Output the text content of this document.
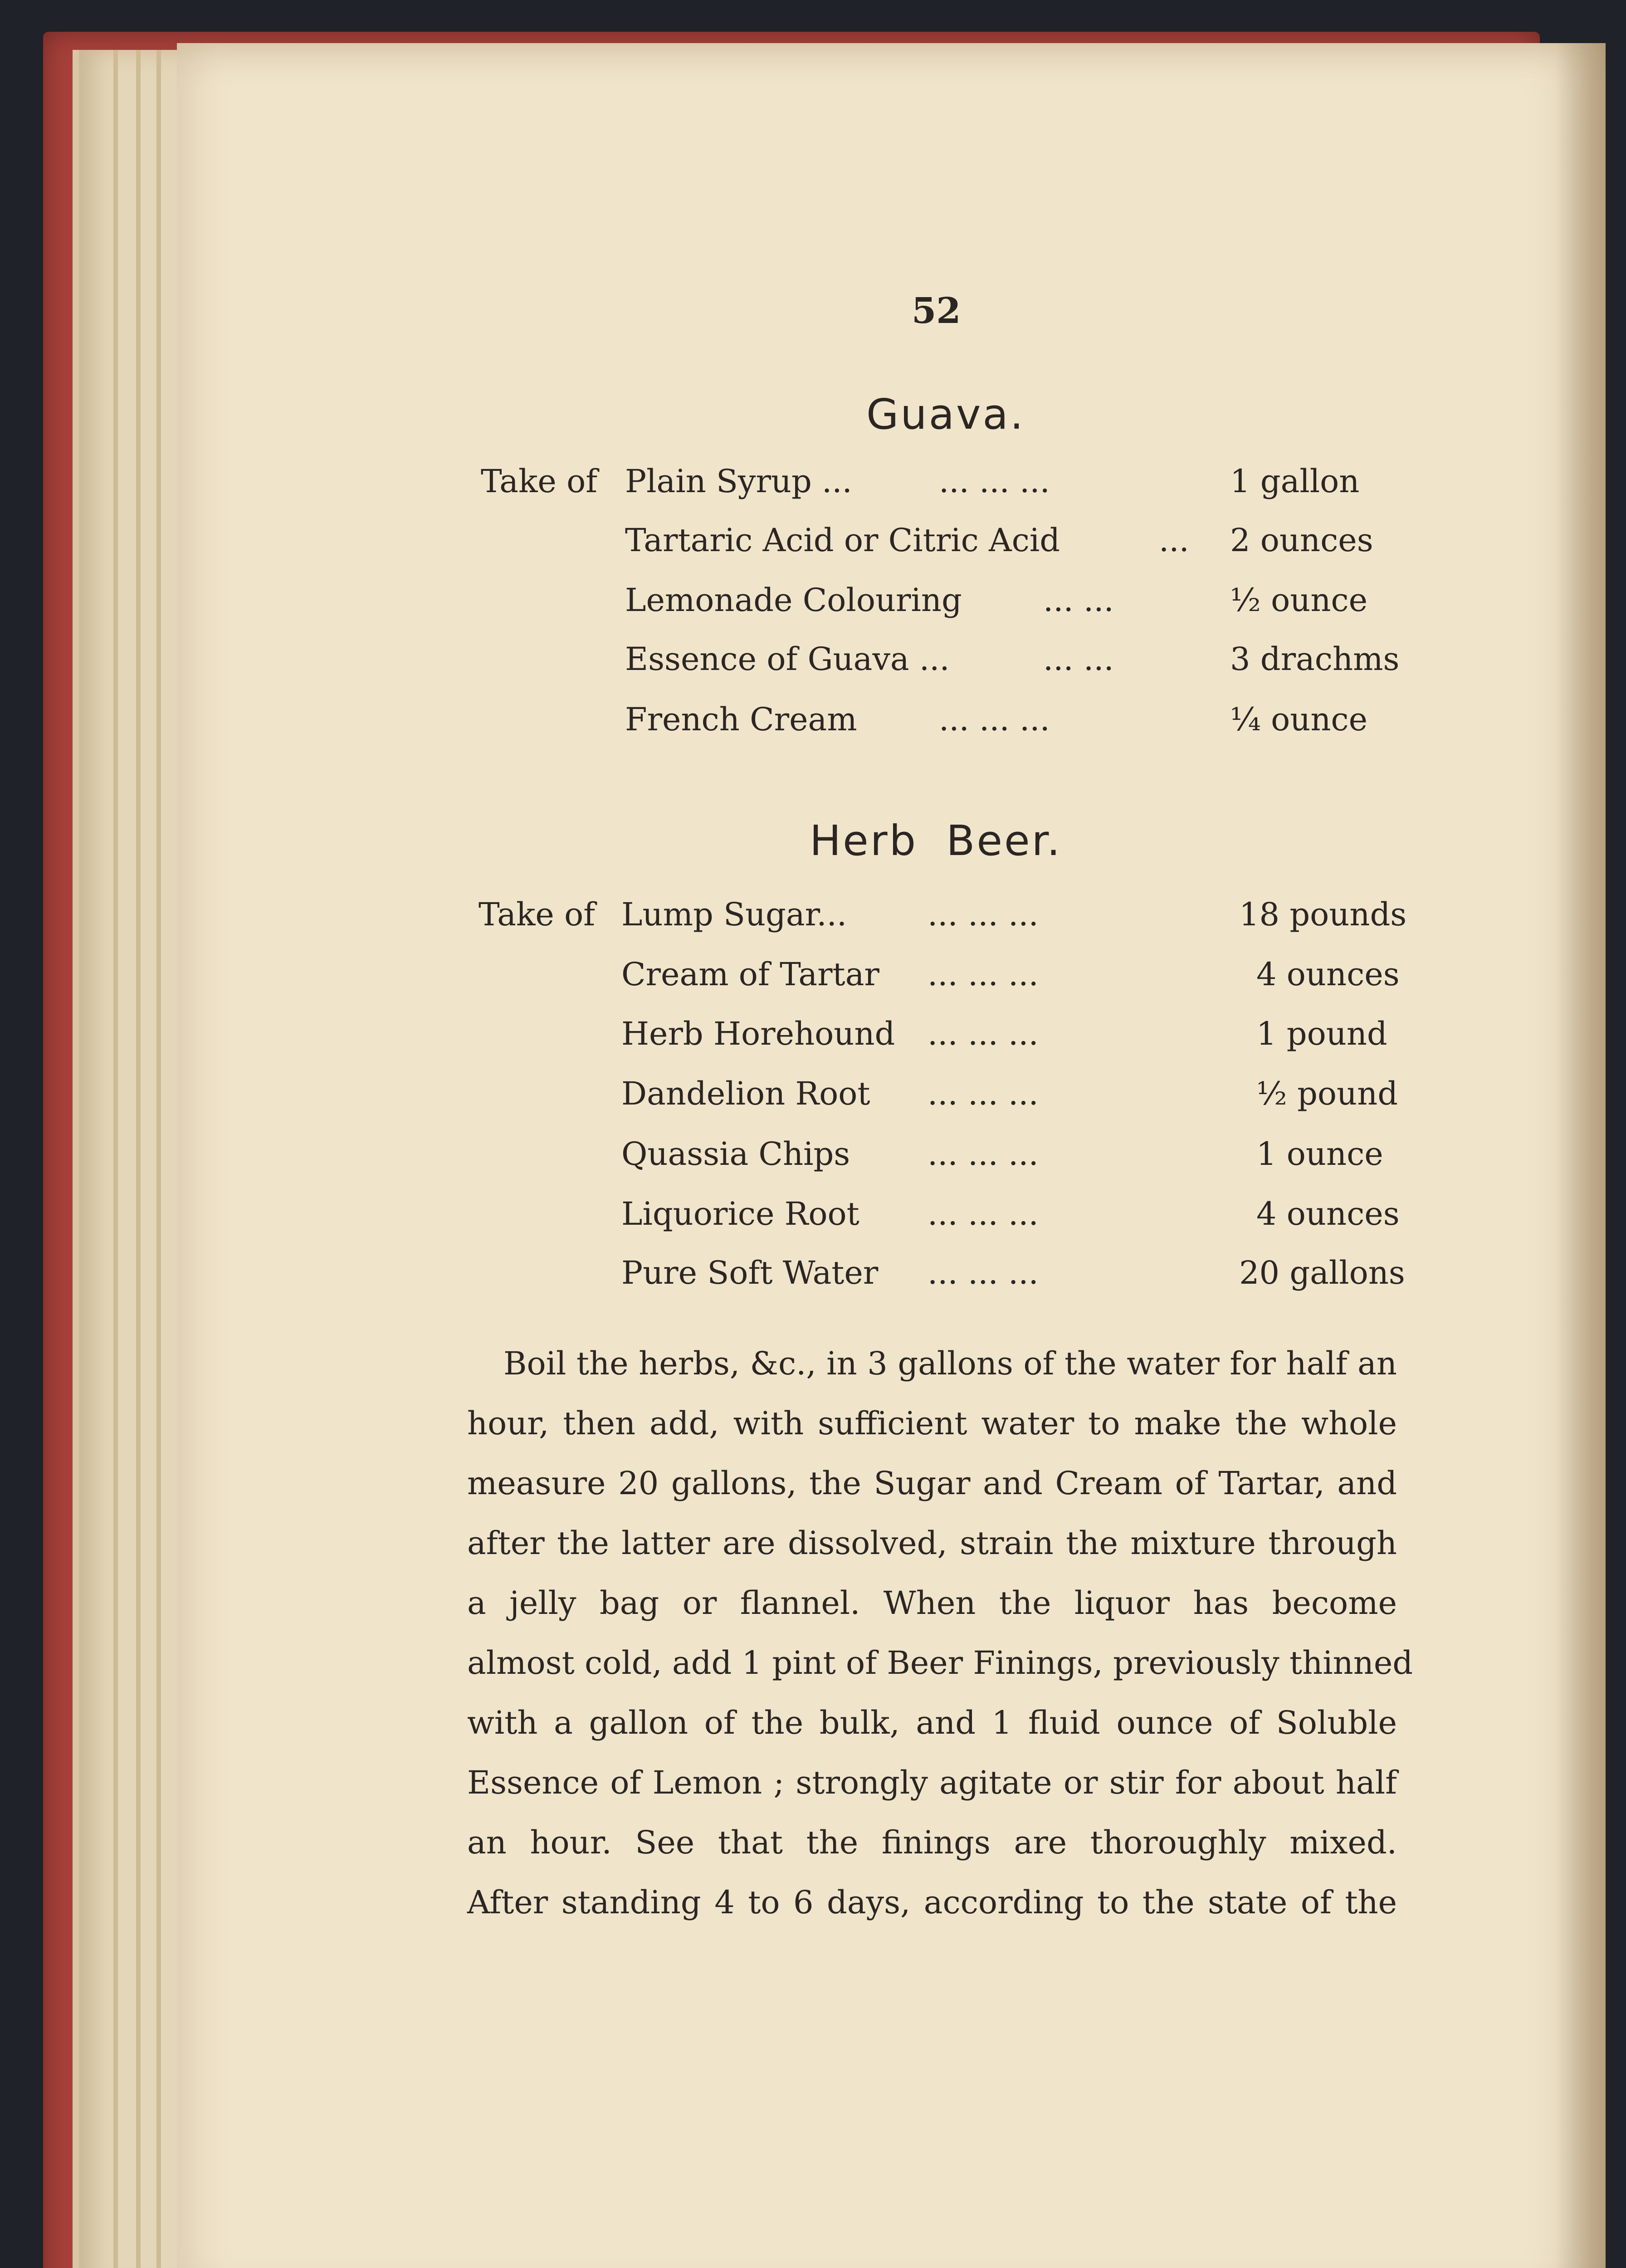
52
Guava.
Take of Plain Syrup ...	... ... ...	1 gallon
Tartaric Acid or Citric Acid	... 2 ounces
Lemonade Colouring	... ...	½ ounce
Essence of Guava ...	... ...	3 drachms
French Cream	... ... ...	¼ ounce
Herb Beer.
Take of Lump Sugar...	... ... ...	18 pounds
Cream of Tartar ... ... ...	4 ounces
Herb Horehound ... ... ...	1 pound
Dandelion Root ... ... ...	½ pound
Quassia Chips ... ... ...	1 ounce
Liquorice Root ... ... ...	4 ounces
Pure Soft Water ... ... ...	20 gallons
Boil the herbs, &c., in 3 gallons of the water for half an
hour, then add, with sufficient water to make the whole
measure 20 gallons, the Sugar and Cream of Tartar, and
after the latter are dissolved, strain the mixture through
a jelly bag or flannel. When the liquor has become
almost cold, add 1 pint of Beer Finings, previously thinned
with a gallon of the bulk, and 1 fluid ounce of Soluble
Essence of Lemon ; strongly agitate or stir for about half
an hour. See that the finings are thoroughly mixed.
After standing 4 to 6 days, according to the state of the
